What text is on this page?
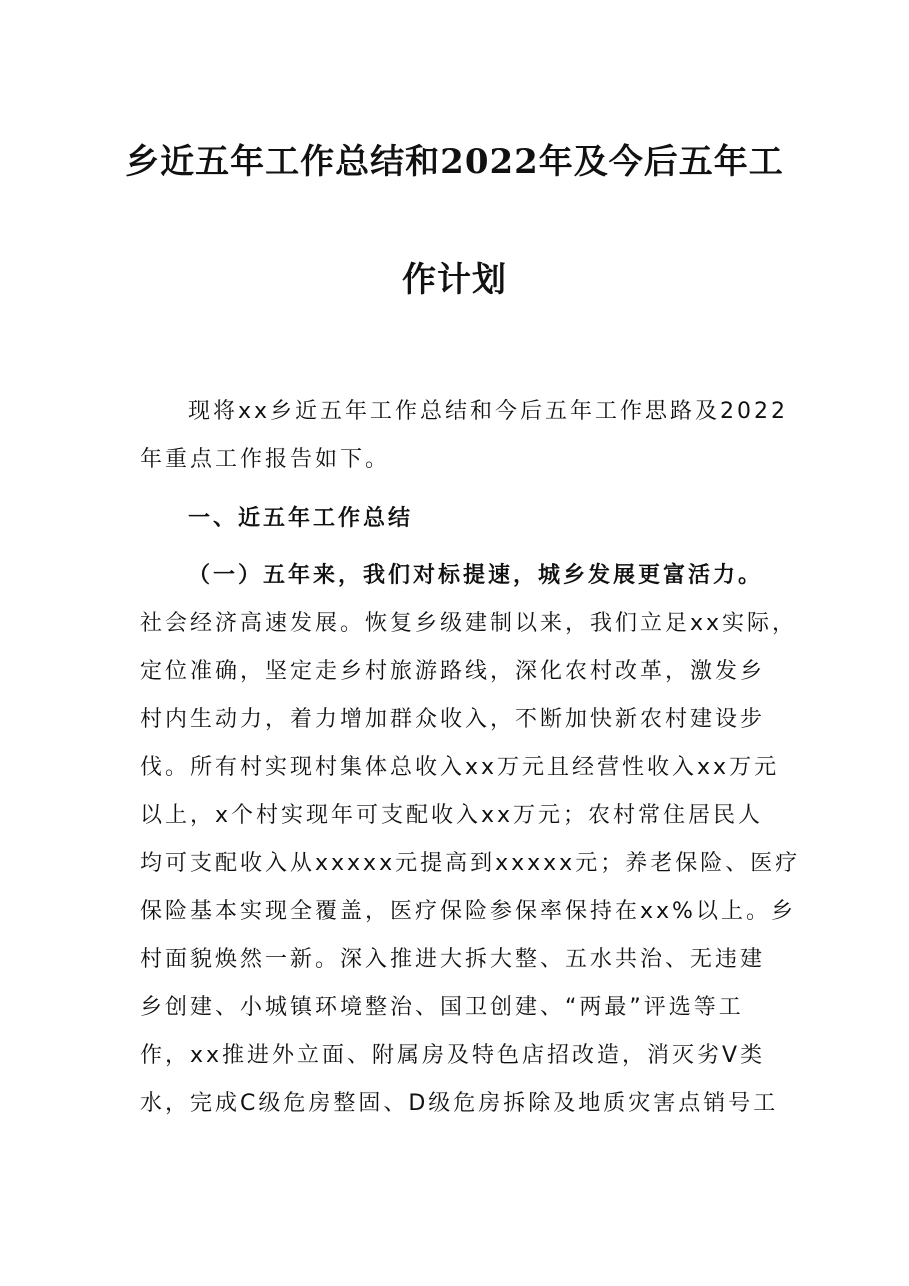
乡近五年工作总结和2022年及今后五年工
作计划
现将xx乡近五年工作总结和今后五年工作思路及2022
年重点工作报告如下。
一、近五年工作总结
（一）五年来，我们对标提速，城乡发展更富活力。
社会经济高速发展。恢复乡级建制以来，我们立足xx实际，
定位准确，坚定走乡村旅游路线，深化农村改革，激发乡
村内生动力，着力增加群众收入，不断加快新农村建设步
伐。所有村实现村集体总收入xx万元且经营性收入xx万元
以上，x个村实现年可支配收入xx万元；农村常住居民人
均可支配收入从xxxxx元提高到xxxxx元；养老保险、医疗
保险基本实现全覆盖，医疗保险参保率保持在xx%以上。乡
村面貌焕然一新。深入推进大拆大整、五水共治、无违建
乡创建、小城镇环境整治、国卫创建、“两最”评选等工
作，xx推进外立面、附属房及特色店招改造，消灭劣V类
水，完成C级危房整固、D级危房拆除及地质灾害点销号工
